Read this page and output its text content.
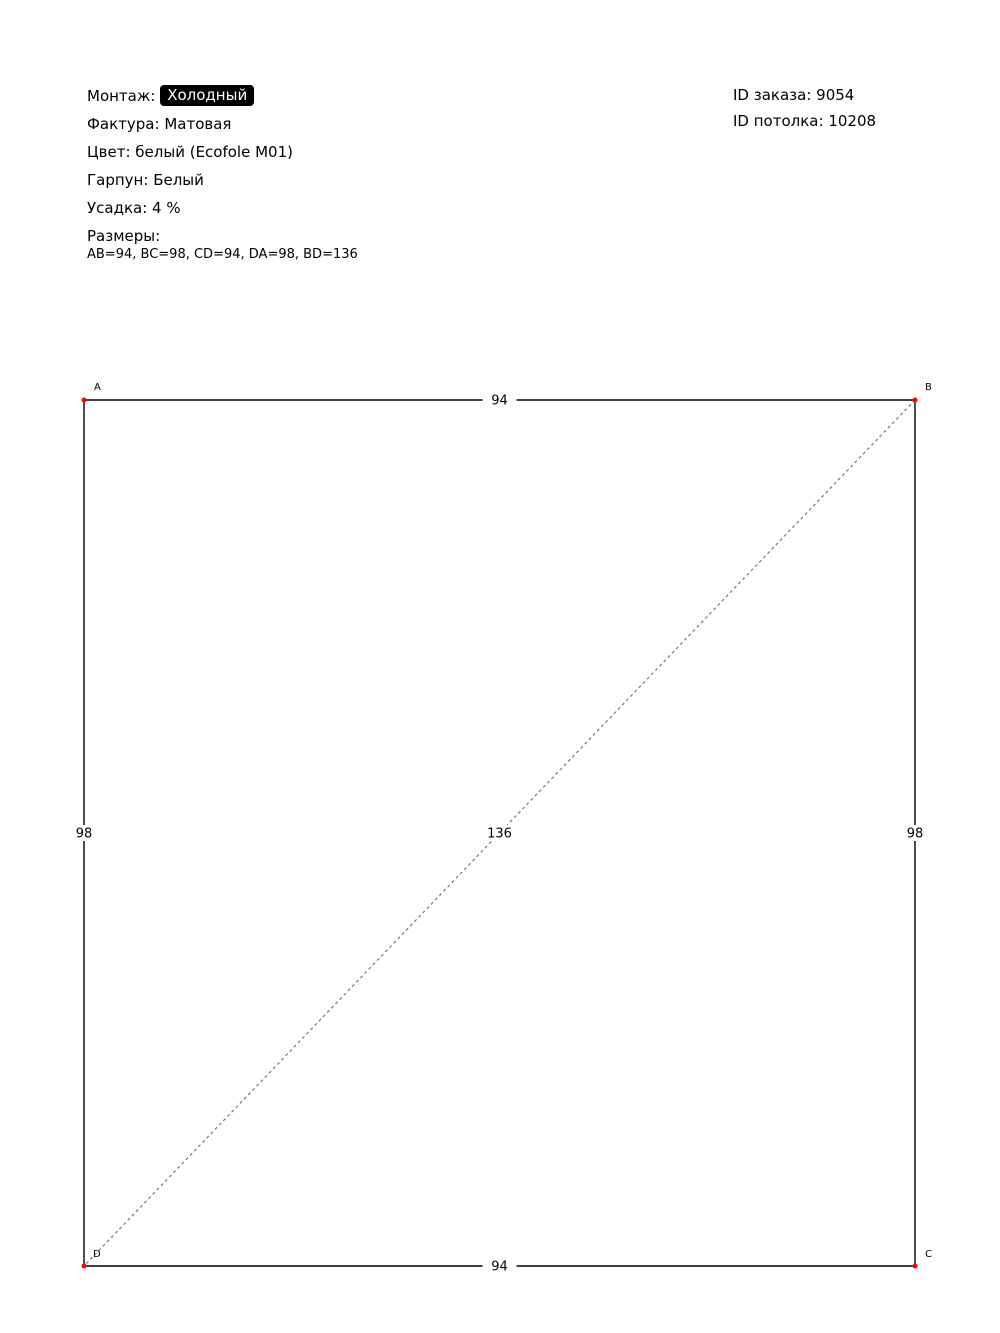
Монтаж: Холодный
Фактура: Матовая
Цвет: белый (Ecofole M01)
Гарпун: Белый
Усадка: 4 %
Размеры:
AB=94, BC=98, CD=94, DA=98, BD=136
ID заказа: 9054
ID потолка: 10208
94
98
94
98	136
A	B
C
D
